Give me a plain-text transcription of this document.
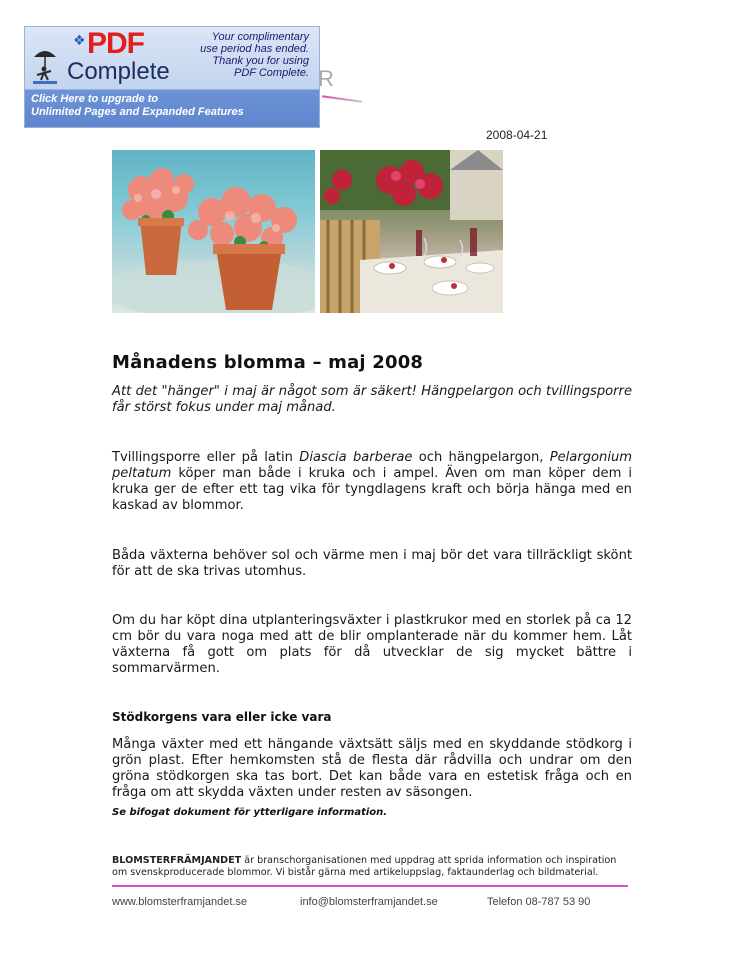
❖ PDF
Complete
Your complimentary
use period has ended.
Thank you for using
PDF Complete.
Click Here to upgrade to
Unlimited Pages and Expanded Features
R
2008-04-21
Månadens blomma – maj 2008
Att det "hänger" i maj är något som är säkert! Hängpelargon och tvillingsporre får störst fokus under maj månad.
Tvillingsporre eller på latin Diascia barberae och hängpelargon, Pelargonium peltatum köper man både i kruka och i ampel. Även om man köper dem i kruka ger de efter ett tag vika för tyngdlagens kraft och börja hänga med en kaskad av blommor.
Båda växterna behöver sol och värme men i maj bör det vara tillräckligt skönt för att de ska trivas utomhus.
Om du har köpt dina utplanteringsväxter i plastkrukor med en storlek på ca 12 cm bör du vara noga med att de blir omplanterade när du kommer hem. Låt växterna få gott om plats för då utvecklar de sig mycket bättre i sommarvärmen.
Stödkorgens vara eller icke vara
Många växter med ett hängande växtsätt säljs med en skyddande stödkorg i grön plast. Efter hemkomsten stå de flesta där rådvilla och undrar om den gröna stödkorgen ska tas bort. Det kan både vara en estetisk fråga och en fråga om att skydda växten under resten av säsongen.
Se bifogat dokument för ytterligare information.
BLOMSTERFRÄMJANDET är branschorganisationen med uppdrag att sprida information och inspiration om svenskproducerade blommor. Vi bistår gärna med artikeluppslag, faktaunderlag och bildmaterial.
www.blomsterframjandet.se	info@blomsterframjandet.se	Telefon 08-787 53 90
